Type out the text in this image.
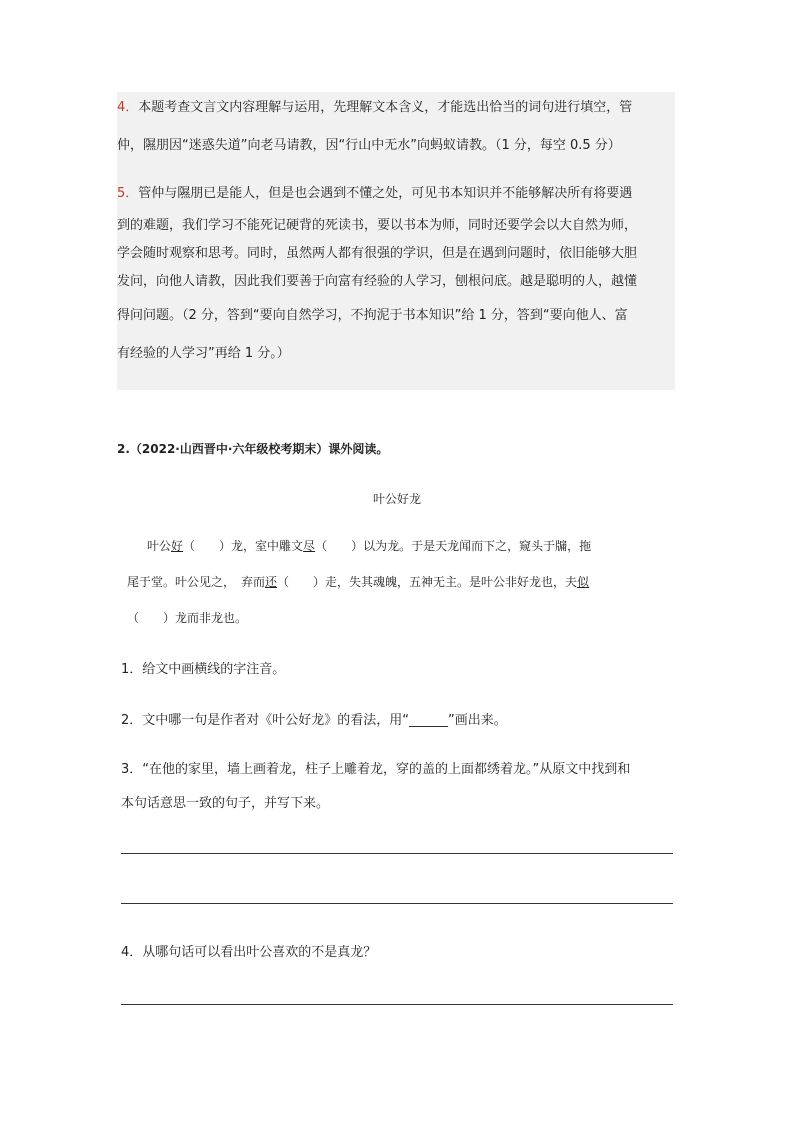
4．本题考查文言文内容理解与运用，先理解文本含义，才能选出恰当的词句进行填空，管
仲，隰朋因“迷惑失道”向老马请教，因“行山中无水”向蚂蚁请教。（1 分，每空 0.5 分）
5．管仲与隰朋已是能人，但是也会遇到不懂之处，可见书本知识并不能够解决所有将要遇
到的难题，我们学习不能死记硬背的死读书，要以书本为师，同时还要学会以大自然为师，
学会随时观察和思考。同时，虽然两人都有很强的学识，但是在遇到问题时，依旧能够大胆
发问，向他人请教，因此我们要善于向富有经验的人学习，刨根问底。越是聪明的人，越懂
得问问题。（2 分，答到“要向自然学习，不拘泥于书本知识”给 1 分，答到“要向他人、富
有经验的人学习”再给 1 分。）
2.（2022·山西晋中·六年级校考期末）课外阅读。
叶公好龙
叶公好（　　）龙，室中雕文尽（　　）以为龙。于是天龙闻而下之，窥头于牖，拖
尾于堂。叶公见之，　弃而还（　　）走，失其魂魄，五神无主。是叶公非好龙也，夫似
（　　）龙而非龙也。
1．给文中画横线的字注音。
2．文中哪一句是作者对《叶公好龙》的看法，用“______”画出来。
3．“在他的家里，墙上画着龙，柱子上雕着龙，穿的盖的上面都绣着龙。”从原文中找到和
本句话意思一致的句子，并写下来。
4．从哪句话可以看出叶公喜欢的不是真龙？
